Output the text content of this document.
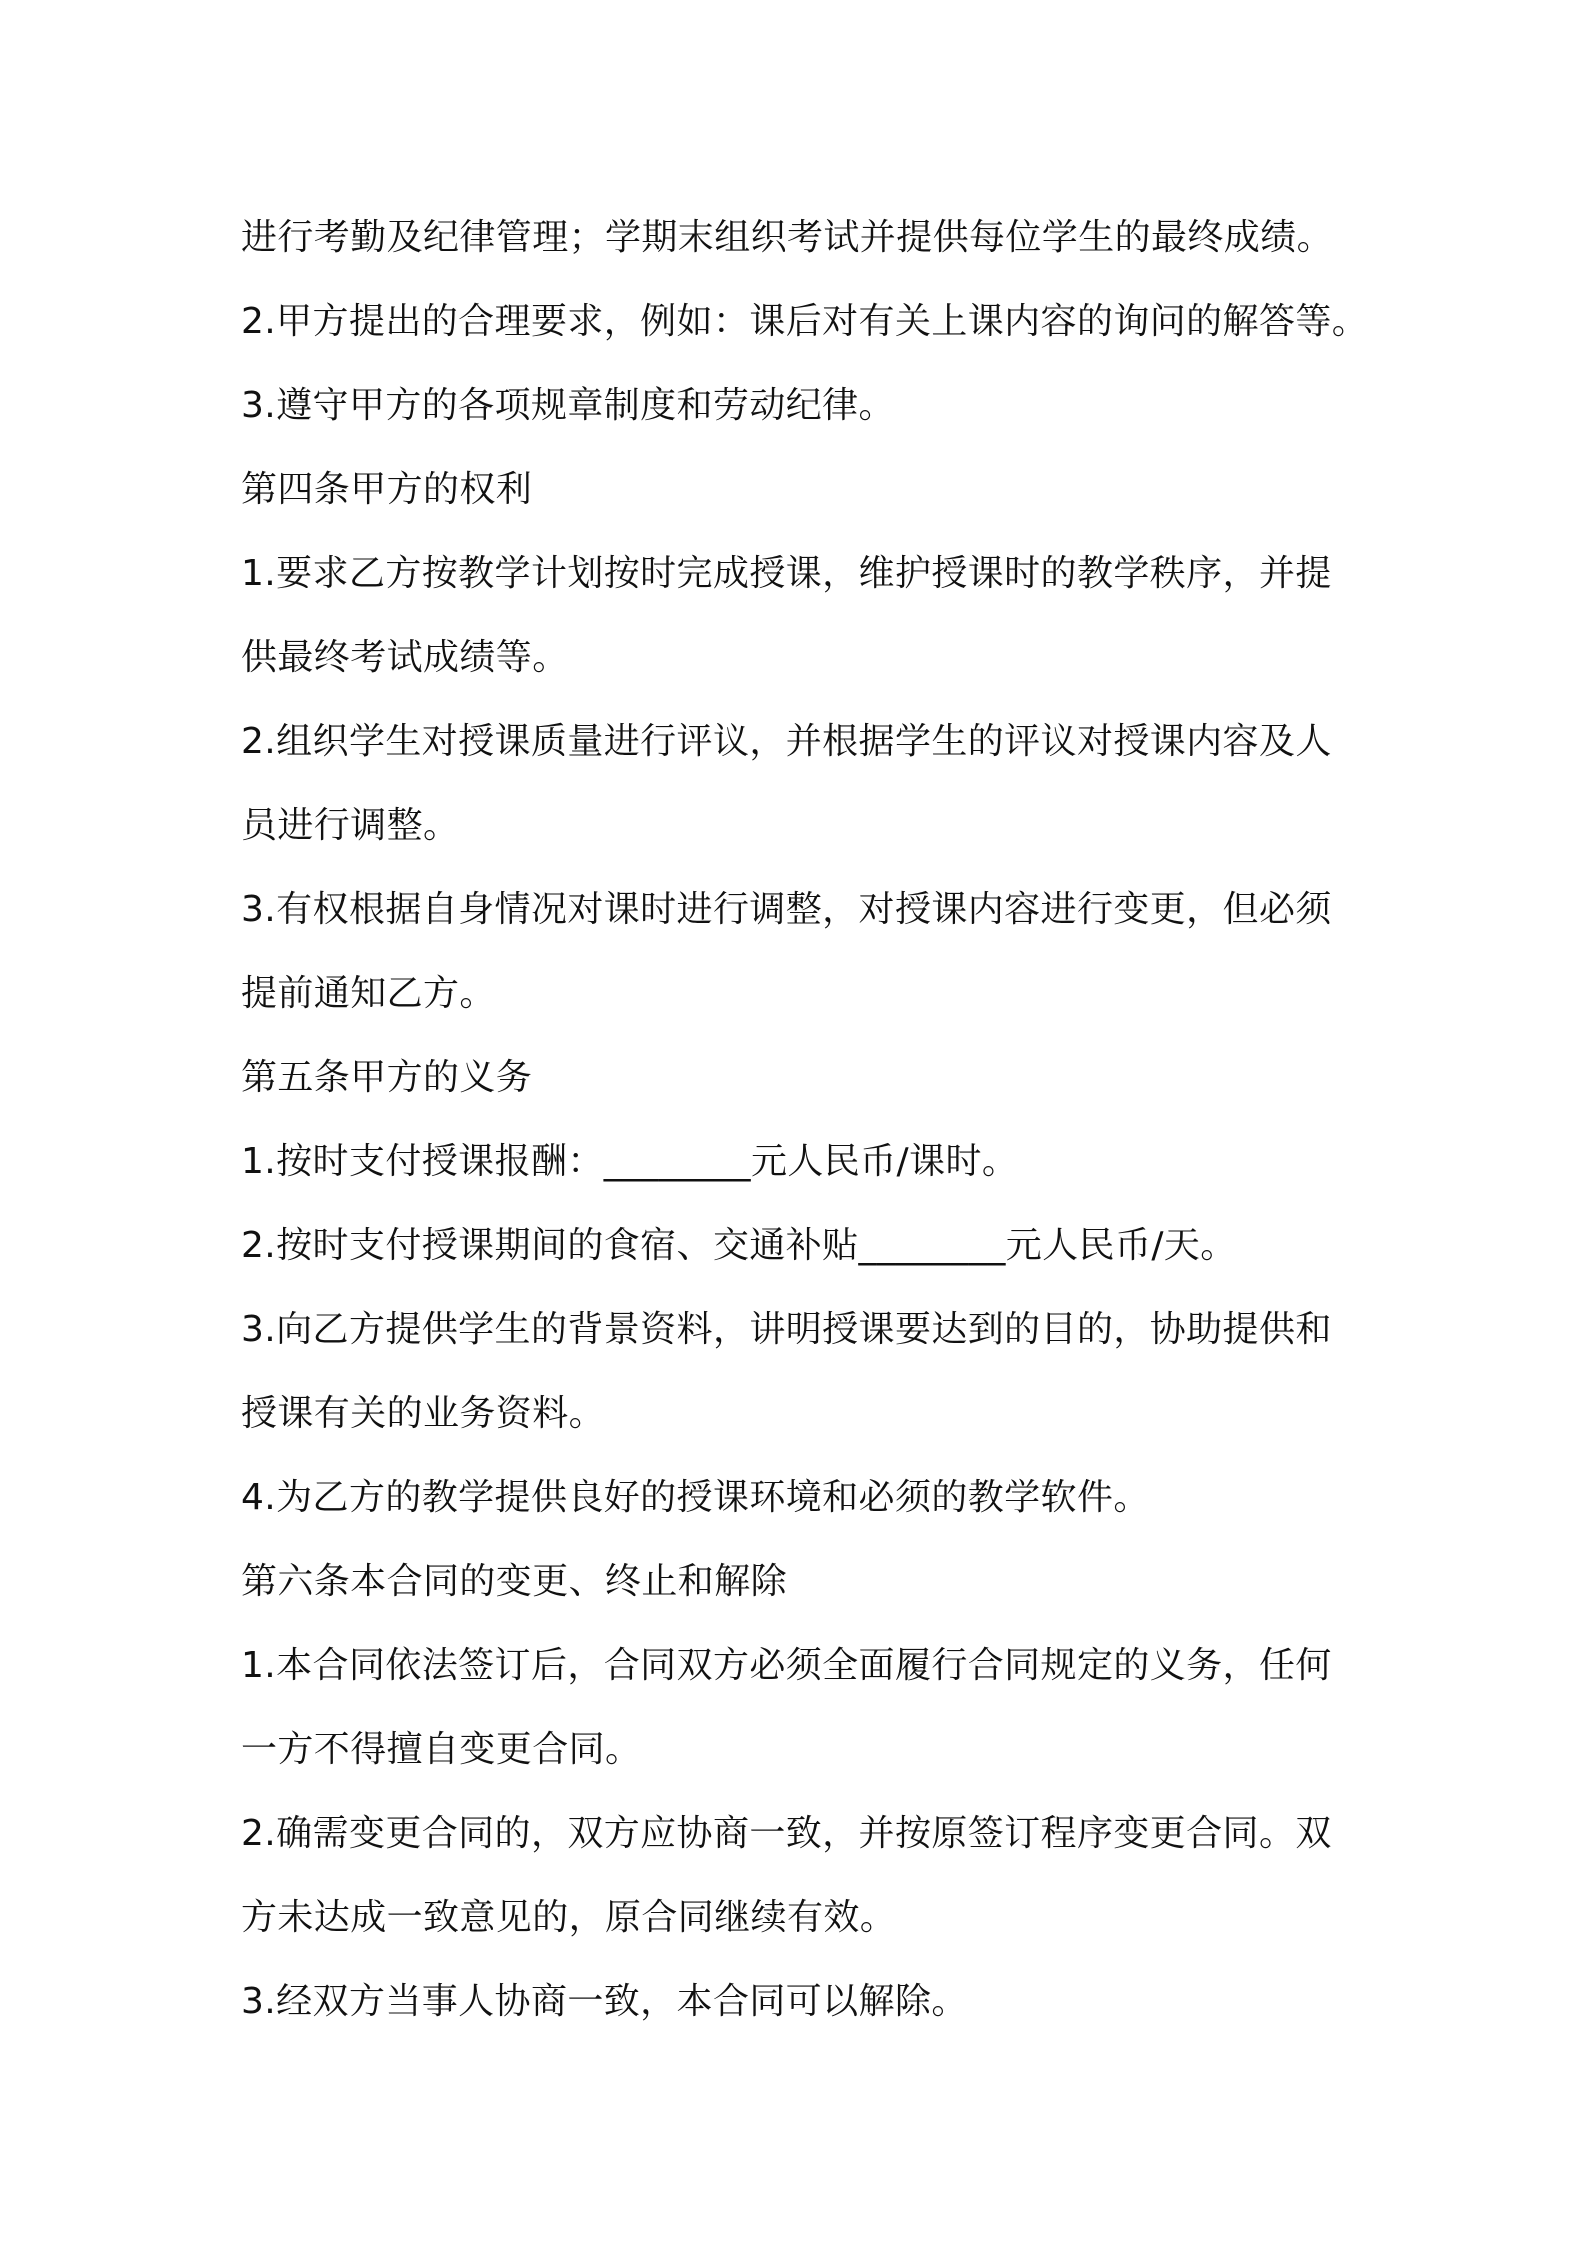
进行考勤及纪律管理；学期末组织考试并提供每位学生的最终成绩。
2.甲方提出的合理要求，例如：课后对有关上课内容的询问的解答等。
3.遵守甲方的各项规章制度和劳动纪律。
第四条甲方的权利
1.要求乙方按教学计划按时完成授课，维护授课时的教学秩序，并提
供最终考试成绩等。
2.组织学生对授课质量进行评议，并根据学生的评议对授课内容及人
员进行调整。
3.有权根据自身情况对课时进行调整，对授课内容进行变更，但必须
提前通知乙方。
第五条甲方的义务
1.按时支付授课报酬：________元人民币/课时。
2.按时支付授课期间的食宿、交通补贴________元人民币/天。
3.向乙方提供学生的背景资料，讲明授课要达到的目的，协助提供和
授课有关的业务资料。
4.为乙方的教学提供良好的授课环境和必须的教学软件。
第六条本合同的变更、终止和解除
1.本合同依法签订后，合同双方必须全面履行合同规定的义务，任何
一方不得擅自变更合同。
2.确需变更合同的，双方应协商一致，并按原签订程序变更合同。双
方未达成一致意见的，原合同继续有效。
3.经双方当事人协商一致，本合同可以解除。
